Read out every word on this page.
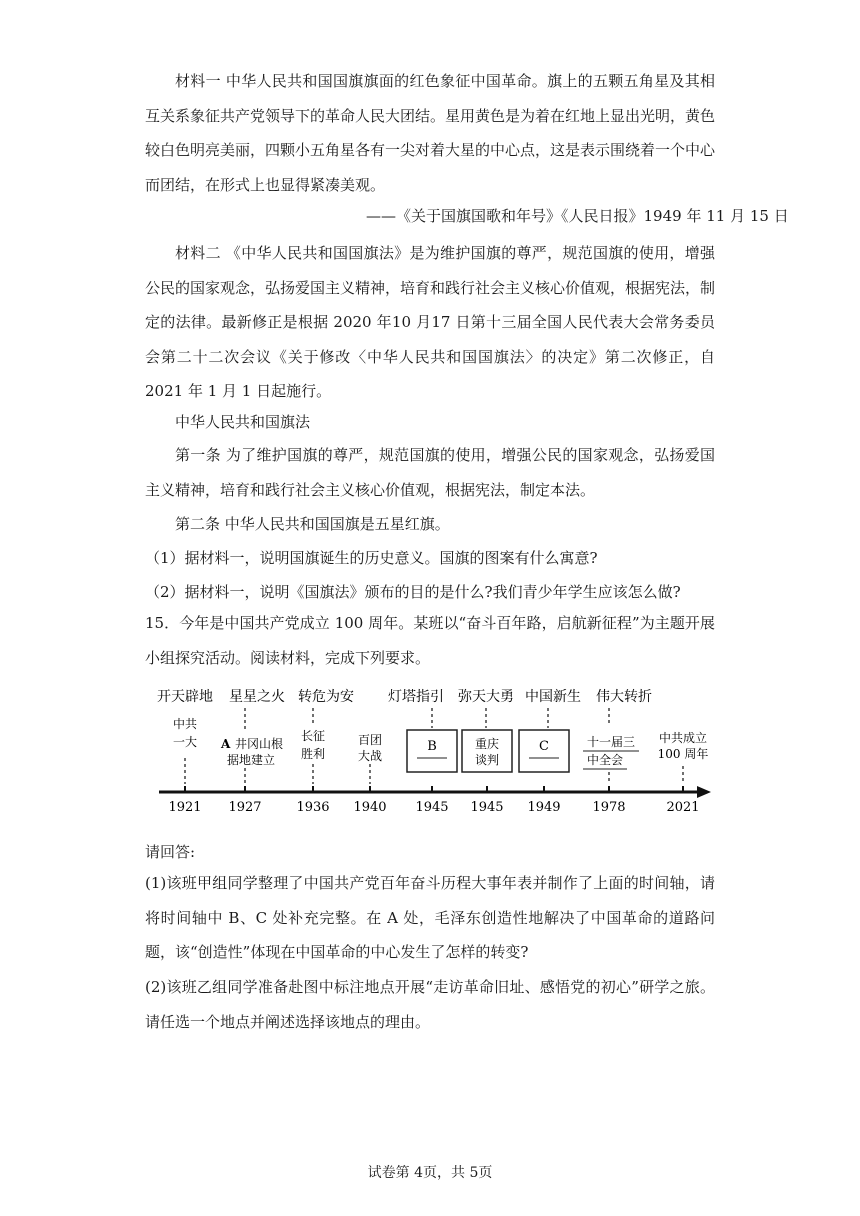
材料一 中华人民共和国国旗旗面的红色象征中国革命。旗上的五颗五角星及其相互关系象征共产党领导下的革命人民大团结。星用黄色是为着在红地上显出光明，黄色较白色明亮美丽，四颗小五角星各有一尖对着大星的中心点，这是表示围绕着一个中心而团结，在形式上也显得紧凑美观。
——《关于国旗国歌和年号》《人民日报》1949 年 11 月 15 日
材料二 《中华人民共和国国旗法》是为维护国旗的尊严，规范国旗的使用，增强公民的国家观念，弘扬爱国主义精神，培育和践行社会主义核心价值观，根据宪法，制定的法律。最新修正是根据 2020 年10 月17 日第十三届全国人民代表大会常务委员会第二十二次会议《关于修改〈中华人民共和国国旗法〉的决定》第二次修正，自 2021 年 1 月 1 日起施行。
中华人民共和国旗法
第一条 为了维护国旗的尊严，规范国旗的使用，增强公民的国家观念，弘扬爱国主义精神，培育和践行社会主义核心价值观，根据宪法，制定本法。
第二条 中华人民共和国国旗是五星红旗。
（1）据材料一，说明国旗诞生的历史意义。国旗的图案有什么寓意?
（2）据材料一，说明《国旗法》颁布的目的是什么?我们青少年学生应该怎么做?
15．今年是中国共产党成立 100 周年。某班以“奋斗百年路，启航新征程”为主题开展小组探究活动。阅读材料，完成下列要求。
开天辟地 星星之火 转危为安 灯塔指引 弥天大勇 中国新生 伟大转折
中共
一大 A 井冈山根
据地建立
长征
胜利
百团
大战
B	重庆
谈判
C	十一届三
中全会
中共成立
100 周年
1921 1927	1936 1940 1945 1945 1949 1978	2021
请回答:
(1)该班甲组同学整理了中国共产党百年奋斗历程大事年表并制作了上面的时间轴，请将时间轴中 B、C 处补充完整。在 A 处，毛泽东创造性地解决了中国革命的道路问题，该“创造性”体现在中国革命的中心发生了怎样的转变?
(2)该班乙组同学准备赴图中标注地点开展“走访革命旧址、感悟党的初心”研学之旅。请任选一个地点并阐述选择该地点的理由。
试卷第 4页，共 5页
